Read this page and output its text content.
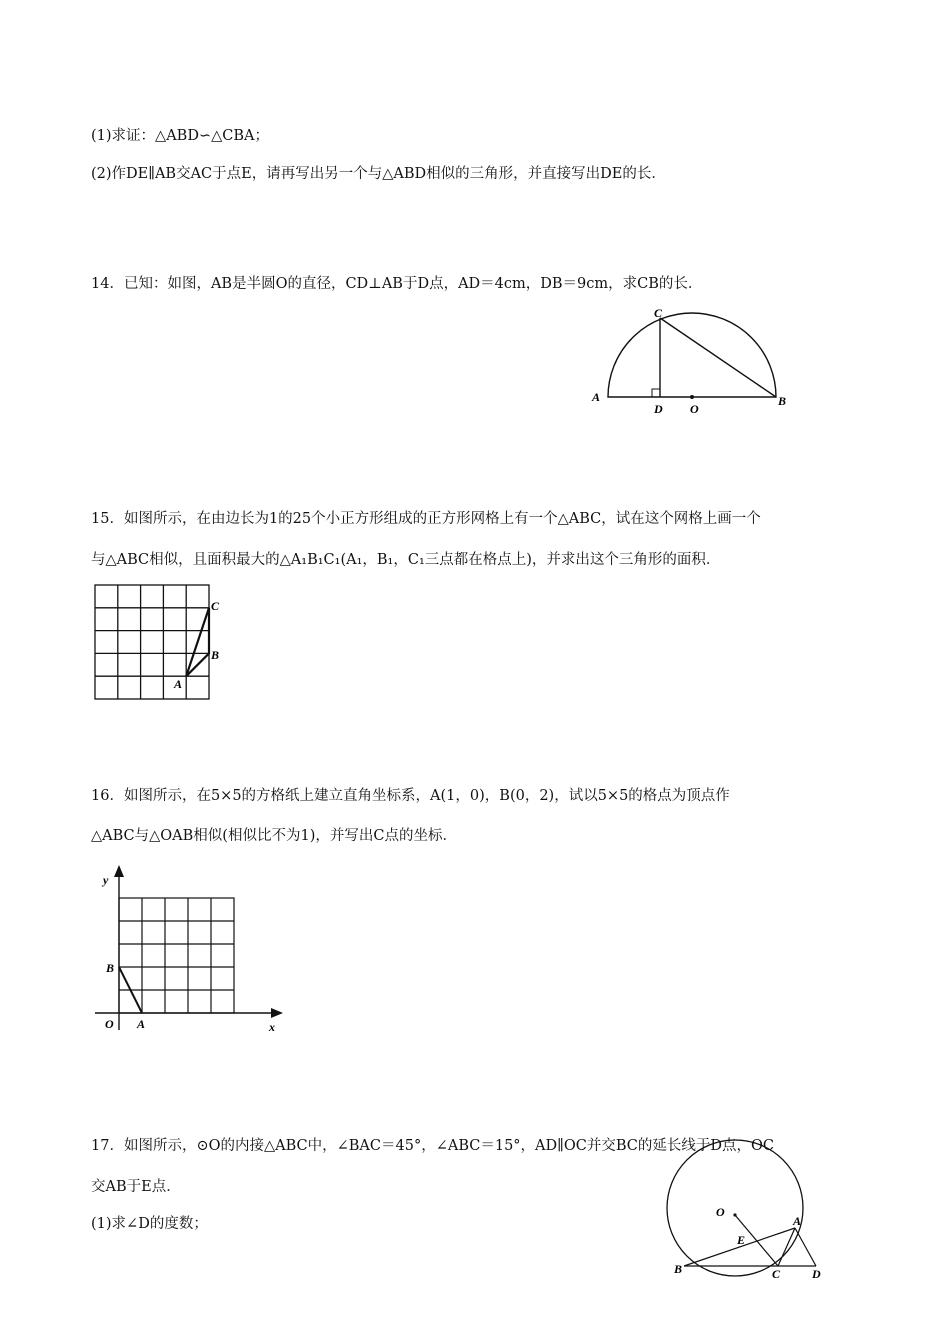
(1)求证：△ABD∽△CBA；
(2)作DE∥AB交AC于点E，请再写出另一个与△ABD相似的三角形，并直接写出DE的长．
14．已知：如图，AB是半圆O的直径，CD⊥AB于D点，AD＝4cm，DB＝9cm，求CB的长．
A	B
C
D O
15．如图所示，在由边长为1的25个小正方形组成的正方形网格上有一个△ABC，试在这个网格上画一个
与△ABC相似，且面积最大的△A₁B₁C₁(A₁，B₁，C₁三点都在格点上)，并求出这个三角形的面积．
C
B
A
16．如图所示，在5×5的方格纸上建立直角坐标系，A(1，0)，B(0，2)，试以5×5的格点为顶点作
△ABC与△OAB相似(相似比不为1)，并写出C点的坐标．
y
x
O A
B
17．如图所示，⊙O的内接△ABC中，∠BAC＝45°，∠ABC＝15°，AD∥OC并交BC的延长线于D点，OC
交AB于E点．
(1)求∠D的度数；
O
E
A
B	C	D
